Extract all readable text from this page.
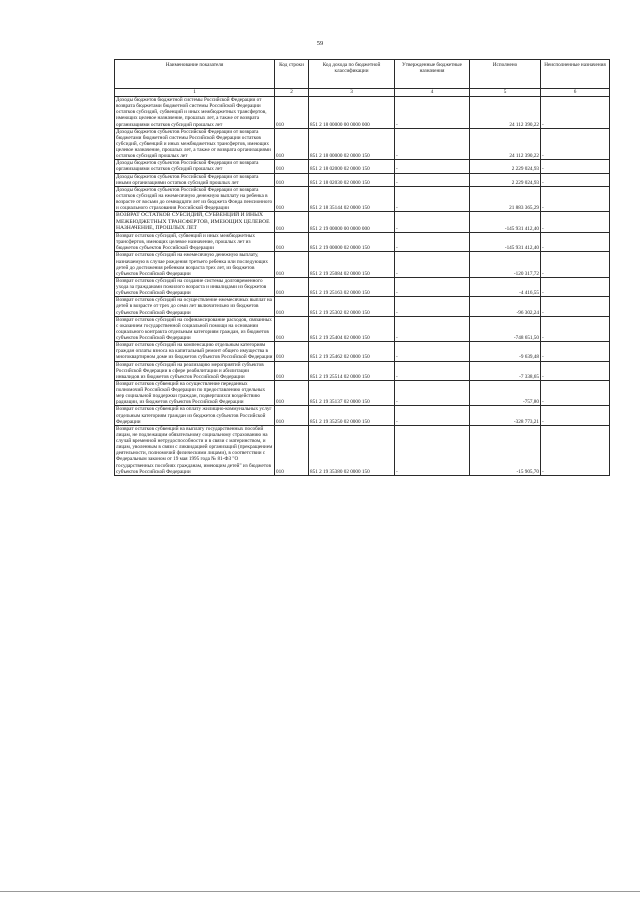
59
Наименование показателя	Код строки	Код дохода по бюджетной классификации	Утвержденные бюджетные назначения	Исполнено	Неисполненные назначения
1	2	3	4	5	6
Доходы бюджетов бюджетной системы Российской Федерации от возврата бюджетами бюджетной системы Российской Федерации остатков субсидий, субвенций и иных межбюджетных трансфертов, имеющих целевое назначение, прошлых лет, а также от возврата организациями остатков субсидий прошлых лет	010	851 2 18 00000 00 0000 000	-	24 112 390,22	-
Доходы бюджетов субъектов Российской Федерации от возврата бюджетами бюджетной системы Российской Федерации остатков субсидий, субвенций и иных межбюджетных трансфертов, имеющих целевое назначение, прошлых лет, а также от возврата организациями остатков субсидий прошлых лет	010	851 2 18 00000 02 0000 150	-	24 112 390,22	-
Доходы бюджетов субъектов Российской Федерации от возврата организациями остатков субсидий прошлых лет	010	851 2 18 02000 02 0000 150	-	2 229 024,93	-
Доходы бюджетов субъектов Российской Федерации от возврата иными организациями остатков субсидий прошлых лет	010	851 2 18 02030 02 0000 150	-	2 229 024,93	-
Доходы бюджетов субъектов Российской Федерации от возврата остатков субсидий на ежемесячную денежную выплату на ребенка в возрасте от восьми до семнадцати лет из бюджета Фонда пенсионного и социального страхования Российской Федерации	010	851 2 18 35144 02 0000 150	-	21 883 365,29	-
ВОЗВРАТ ОСТАТКОВ СУБСИДИЙ, СУБВЕНЦИЙ И ИНЫХ МЕЖБЮДЖЕТНЫХ ТРАНСФЕРТОВ, ИМЕЮЩИХ ЦЕЛЕВОЕ НАЗНАЧЕНИЕ, ПРОШЛЫХ ЛЕТ	010	851 2 19 00000 00 0000 000	-	-145 931 412,40	-
Возврат остатков субсидий, субвенций и иных межбюджетных трансфертов, имеющих целевое назначение, прошлых лет из бюджетов субъектов Российской Федерации	010	851 2 19 00000 02 0000 150	-	-145 931 412,40	-
Возврат остатков субсидий на ежемесячную денежную выплату, назначаемую в случае рождения третьего ребенка или последующих детей до достижения ребенком возраста трех лет, из бюджетов субъектов Российской Федерации	010	851 2 19 25084 02 0000 150	-	-120 317,72	-
Возврат остатков субсидий на создание системы долговременного ухода за гражданами пожилого возраста и инвалидами из бюджетов субъектов Российской Федерации	010	851 2 19 25163 02 0000 150	-	-4 416,55	-
Возврат остатков субсидий на осуществление ежемесячных выплат на детей в возрасте от трех до семи лет включительно из бюджетов субъектов Российской Федерации	010	851 2 19 25302 02 0000 150	-	-96 302,24	-
Возврат остатков субсидий на софинансирование расходов, связанных с оказанием государственной социальной помощи на основании социального контракта отдельным категориям граждан, из бюджетов субъектов Российской Федерации	010	851 2 19 25404 02 0000 150	-	-748 651,50	-
Возврат остатков субсидий на компенсацию отдельным категориям граждан оплаты взноса на капитальный ремонт общего имущества в многоквартирном доме из бюджетов субъектов Российской Федерации	010	851 2 19 25462 02 0000 150	-	-9 639,48	-
Возврат остатков субсидий на реализацию мероприятий субъектов Российской Федерации в сфере реабилитации и абилитации инвалидов из бюджетов субъектов Российской Федерации	010	851 2 19 25514 02 0000 150	-	-7 338,65	-
Возврат остатков субвенций на осуществление переданных полномочий Российской Федерации по предоставлению отдельных мер социальной поддержки граждан, подвергшихся воздействию радиации, из бюджетов субъектов Российской Федерации	010	851 2 19 35137 02 0000 150	-	-757,80	-
Возврат остатков субвенций на оплату жилищно-коммунальных услуг отдельным категориям граждан из бюджетов субъектов Российской Федерации	010	851 2 19 35250 02 0000 150	-	-328 773,21	-
Возврат остатков субвенций на выплату государственных пособий лицам, не подлежащим обязательному социальному страхованию на случай временной нетрудоспособности и в связи с материнством, и лицам, уволенным в связи с ликвидацией организаций (прекращением деятельности, полномочий физическими лицами), в соответствии с Федеральным законом от 19 мая 1995 года № 81-ФЗ "О государственных пособиях гражданам, имеющим детей" из бюджетов субъектов Российской Федерации	010	851 2 19 35380 02 0000 150	-	-15 905,70	-
